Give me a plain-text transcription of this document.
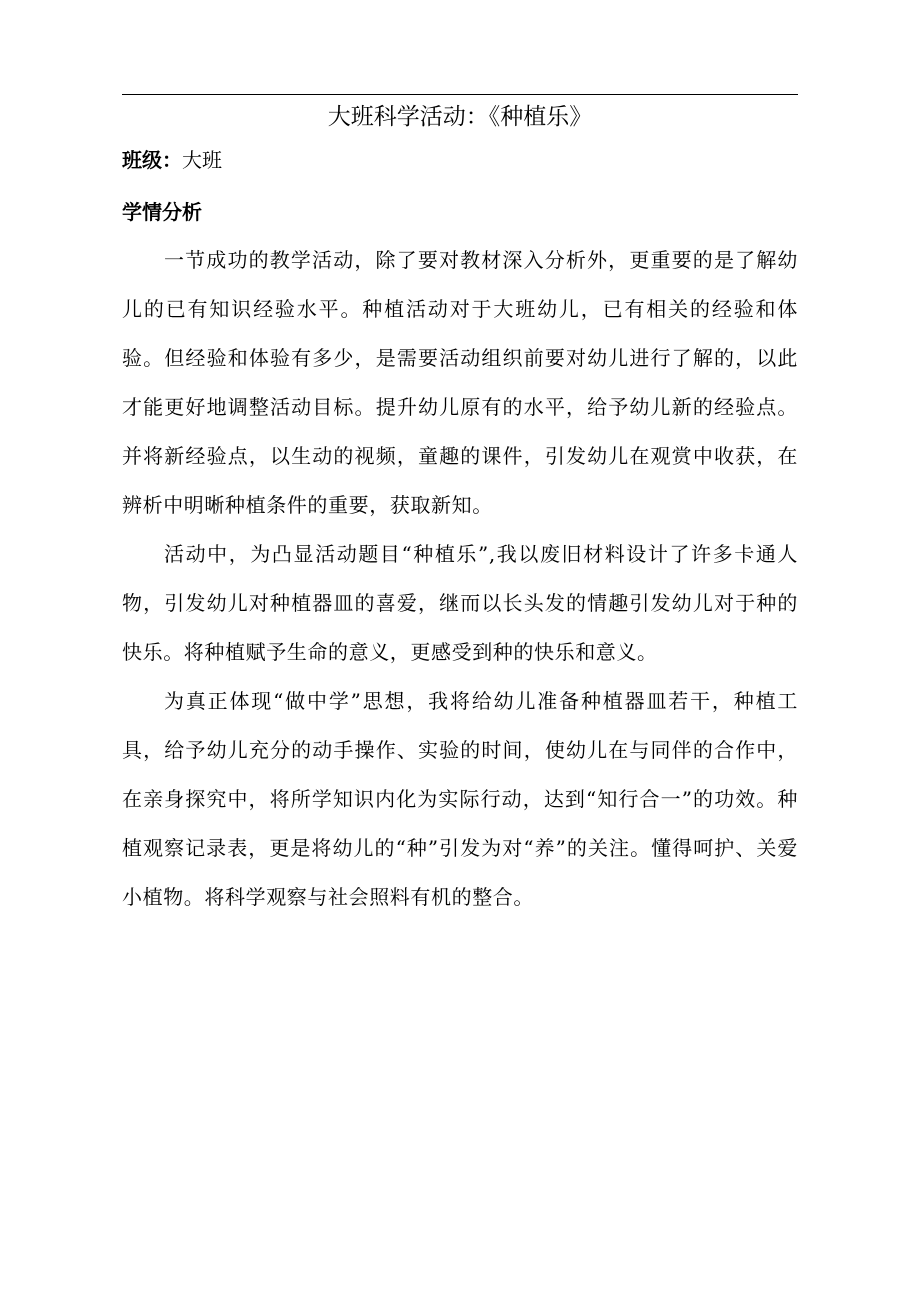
大班科学活动：《种植乐》
班级：大班
学情分析

一节成功的教学活动，除了要对教材深入分析外，更重要的是了解幼儿的已有知识经验水平。种植活动对于大班幼儿，已有相关的经验和体验。但经验和体验有多少，是需要活动组织前要对幼儿进行了解的，以此才能更好地调整活动目标。提升幼儿原有的水平，给予幼儿新的经验点。并将新经验点，以生动的视频，童趣的课件，引发幼儿在观赏中收获，在辨析中明晰种植条件的重要，获取新知。

活动中，为凸显活动题目“种植乐”,我以废旧材料设计了许多卡通人物，引发幼儿对种植器皿的喜爱，继而以长头发的情趣引发幼儿对于种的快乐。将种植赋予生命的意义，更感受到种的快乐和意义。

为真正体现“做中学”思想，我将给幼儿准备种植器皿若干，种植工具，给予幼儿充分的动手操作、实验的时间，使幼儿在与同伴的合作中，在亲身探究中，将所学知识内化为实际行动，达到“知行合一”的功效。种植观察记录表，更是将幼儿的“种”引发为对“养”的关注。懂得呵护、关爱小植物。将科学观察与社会照料有机的整合。
